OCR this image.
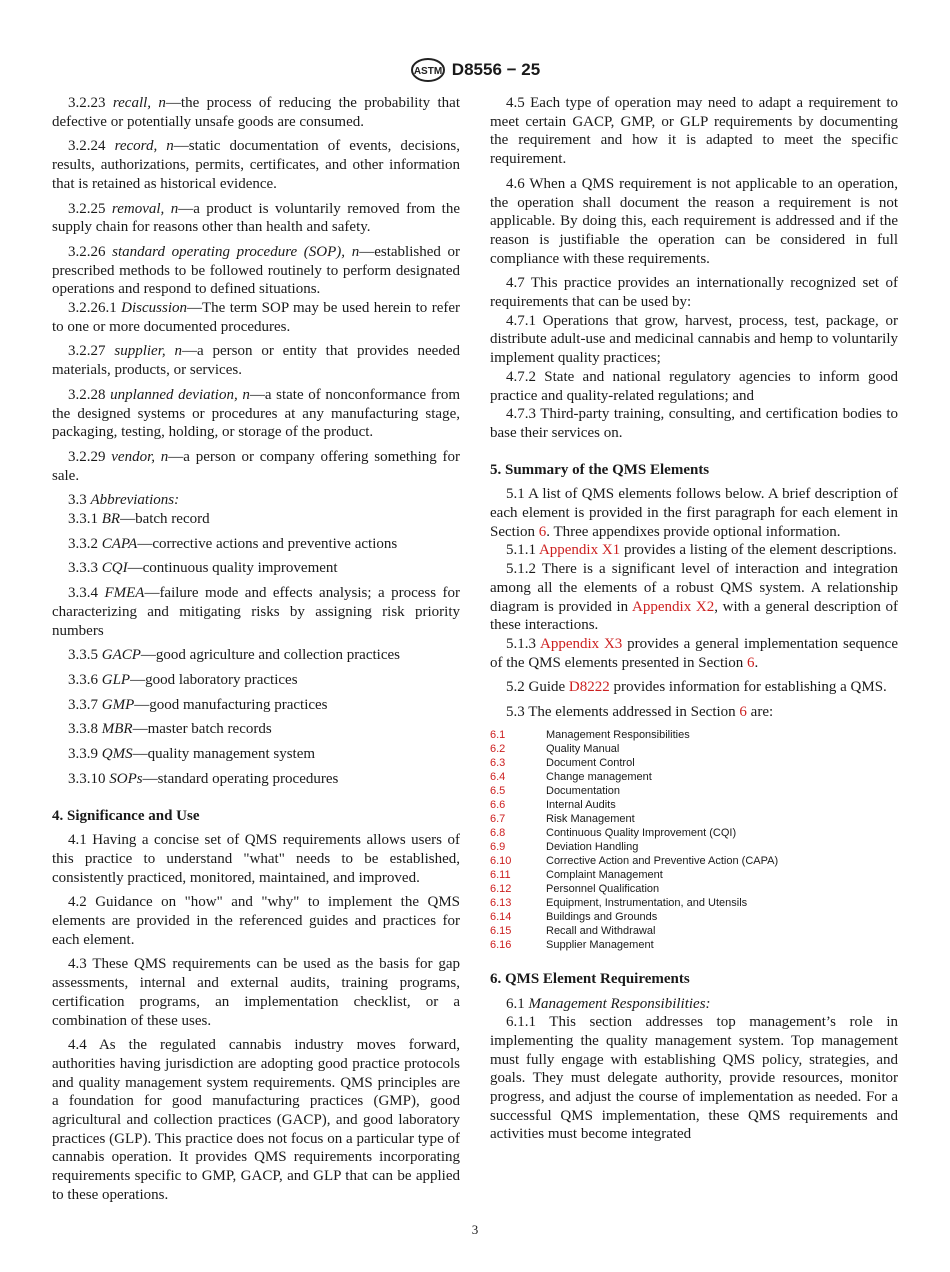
ASTM D8556 − 25

3.2.23 recall, n—the process of reducing the probability that defective or potentially unsafe goods are consumed.

3.2.24 record, n—static documentation of events, decisions, results, authorizations, permits, certificates, and other information that is retained as historical evidence.

3.2.25 removal, n—a product is voluntarily removed from the supply chain for reasons other than health and safety.

3.2.26 standard operating procedure (SOP), n—established or prescribed methods to be followed routinely to perform designated operations and respond to defined situations.

3.2.26.1 Discussion—The term SOP may be used herein to refer to one or more documented procedures.

3.2.27 supplier, n—a person or entity that provides needed materials, products, or services.

3.2.28 unplanned deviation, n—a state of nonconformance from the designed systems or procedures at any manufacturing stage, packaging, testing, holding, or storage of the product.

3.2.29 vendor, n—a person or company offering something for sale.

3.3 Abbreviations:

3.3.1 BR—batch record

3.3.2 CAPA—corrective actions and preventive actions

3.3.3 CQI—continuous quality improvement

3.3.4 FMEA—failure mode and effects analysis; a process for characterizing and mitigating risks by assigning risk priority numbers

3.3.5 GACP—good agriculture and collection practices

3.3.6 GLP—good laboratory practices

3.3.7 GMP—good manufacturing practices

3.3.8 MBR—master batch records

3.3.9 QMS—quality management system

3.3.10 SOPs—standard operating procedures

4. Significance and Use

4.1 Having a concise set of QMS requirements allows users of this practice to understand "what" needs to be established, consistently practiced, monitored, maintained, and improved.

4.2 Guidance on "how" and "why" to implement the QMS elements are provided in the referenced guides and practices for each element.

4.3 These QMS requirements can be used as the basis for gap assessments, internal and external audits, training programs, certification programs, an implementation checklist, or a combination of these uses.

4.4 As the regulated cannabis industry moves forward, authorities having jurisdiction are adopting good practice protocols and quality management system requirements. QMS principles are a foundation for good manufacturing practices (GMP), good agricultural and collection practices (GACP), and good laboratory practices (GLP). This practice does not focus on a particular type of cannabis operation. It provides QMS requirements incorporating requirements specific to GMP, GACP, and GLP that can be applied to these operations.

4.5 Each type of operation may need to adapt a requirement to meet certain GACP, GMP, or GLP requirements by documenting the requirement and how it is adapted to meet the specific requirement.

4.6 When a QMS requirement is not applicable to an operation, the operation shall document the reason a requirement is not applicable. By doing this, each requirement is addressed and if the reason is justifiable the operation can be considered in full compliance with these requirements.

4.7 This practice provides an internationally recognized set of requirements that can be used by:

4.7.1 Operations that grow, harvest, process, test, package, or distribute adult-use and medicinal cannabis and hemp to voluntarily implement quality practices;

4.7.2 State and national regulatory agencies to inform good practice and quality-related regulations; and

4.7.3 Third-party training, consulting, and certification bodies to base their services on.

5. Summary of the QMS Elements

5.1 A list of QMS elements follows below. A brief description of each element is provided in the first paragraph for each element in Section 6. Three appendixes provide optional information.

5.1.1 Appendix X1 provides a listing of the element descriptions.

5.1.2 There is a significant level of interaction and integration among all the elements of a robust QMS system. A relationship diagram is provided in Appendix X2, with a general description of these interactions.

5.1.3 Appendix X3 provides a general implementation sequence of the QMS elements presented in Section 6.

5.2 Guide D8222 provides information for establishing a QMS.

5.3 The elements addressed in Section 6 are:

6.1	Management Responsibilities
6.2	Quality Manual
6.3	Document Control
6.4	Change management
6.5	Documentation
6.6	Internal Audits
6.7	Risk Management
6.8	Continuous Quality Improvement (CQI)
6.9	Deviation Handling
6.10	Corrective Action and Preventive Action (CAPA)
6.11	Complaint Management
6.12	Personnel Qualification
6.13	Equipment, Instrumentation, and Utensils
6.14	Buildings and Grounds
6.15	Recall and Withdrawal
6.16	Supplier Management
6. QMS Element Requirements

6.1 Management Responsibilities:

6.1.1 This section addresses top management’s role in implementing the quality management system. Top management must fully engage with establishing QMS policy, strategies, and goals. They must delegate authority, provide resources, monitor progress, and adjust the course of implementation as needed. For a successful QMS implementation, these QMS requirements and activities must become integrated

3
